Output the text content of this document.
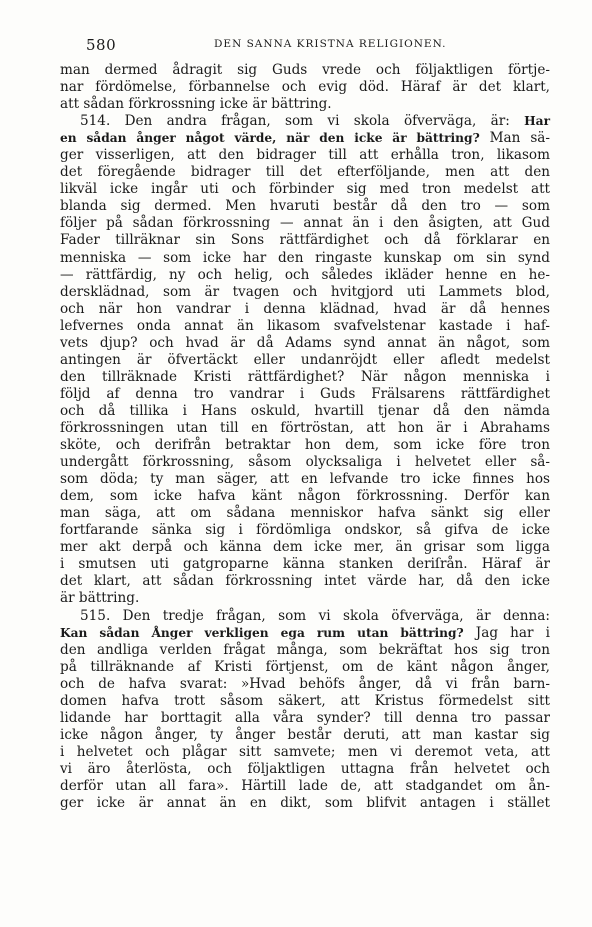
580	DEN SANNA KRISTNA RELIGIONEN.
man dermed ådragit sig Guds vrede och följaktligen förtje-
nar fördömelse, förbannelse och evig död. Häraf är det klart,
att sådan förkrossning icke är bättring.
514. Den andra frågan, som vi skola öfverväga, är: Har
en sådan ånger något värde, när den icke är bättring? Man sä-
ger visserligen, att den bidrager till att erhålla tron, likasom
det föregående bidrager till det efterföljande, men att den
likväl icke ingår uti och förbinder sig med tron medelst att
blanda sig dermed. Men hvaruti består då den tro — som
följer på sådan förkrossning — annat än i den åsigten, att Gud
Fader tillräknar sin Sons rättfärdighet och då förklarar en
menniska — som icke har den ringaste kunskap om sin synd
— rättfärdig, ny och helig, och således ikläder henne en he-
dersklädnad, som är tvagen och hvitgjord uti Lammets blod,
och när hon vandrar i denna klädnad, hvad är då hennes
lefvernes onda annat än likasom svafvelstenar kastade i haf-
vets djup? och hvad är då Adams synd annat än något, som
antingen är öfvertäckt eller undanröjdt eller afledt medelst
den tillräknade Kristi rättfärdighet? När någon menniska i
följd af denna tro vandrar i Guds Frälsarens rättfärdighet
och då tillika i Hans oskuld, hvartill tjenar då den nämda
förkrossningen utan till en förtröstan, att hon är i Abrahams
sköte, och derifrån betraktar hon dem, som icke före tron
undergått förkrossning, såsom olycksaliga i helvetet eller så-
som döda; ty man säger, att en lefvande tro icke finnes hos
dem, som icke hafva känt någon förkrossning. Derför kan
man säga, att om sådana menniskor hafva sänkt sig eller
fortfarande sänka sig i fördömliga ondskor, så gifva de icke
mer akt derpå och känna dem icke mer, än grisar som ligga
i smutsen uti gatgroparne känna stanken deriſrån. Häraf är
det klart, att sådan förkrossning intet värde har, då den icke
är bättring.
515. Den tredje frågan, som vi skola öfverväga, är denna:
Kan sådan Ånger verkligen ega rum utan bättring? Jag har i
den andliga verlden frågat många, som bekräftat hos sig tron
på tillräknande af Kristi förtjenst, om de känt någon ånger,
och de hafva svarat: »Hvad behöfs ånger, då vi från barn-
domen hafva trott såsom säkert, att Kristus förmedelst sitt
lidande har borttagit alla våra synder? till denna tro passar
icke någon ånger, ty ånger består deruti, att man kastar sig
i helvetet och plågar sitt samvete; men vi deremot veta, att
vi äro återlösta, och följaktligen uttagna från helvetet och
derför utan all fara». Härtill lade de, att stadgandet om ån-
ger icke är annat än en dikt, som blifvit antagen i stället
